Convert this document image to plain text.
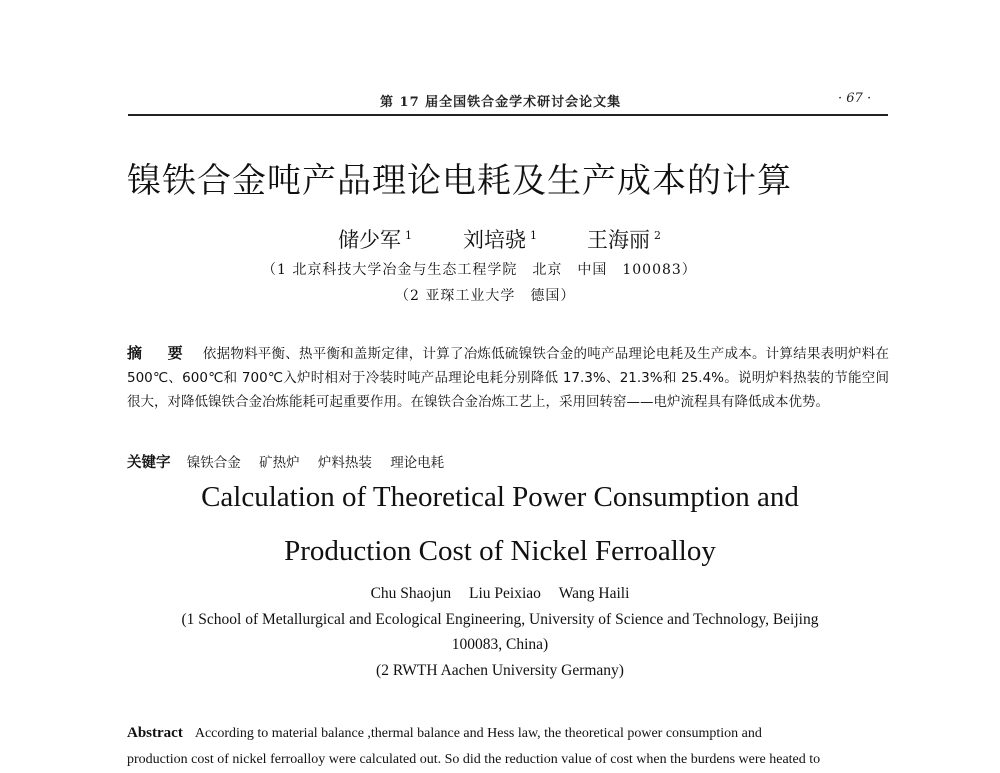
第 17 届全国铁合金学术研讨会论文集	· 67 ·
镍铁合金吨产品理论电耗及生产成本的计算
储少军 $^1$ 刘培骁 $^1$ 王海丽 $^2$
（1 北京科技大学冶金与生态工程学院　北京　中国　100083）
（2 亚琛工业大学　德国）
摘 要 依据物料平衡、热平衡和盖斯定律，计算了冶炼低硫镍铁合金的吨产品理论电耗及生产成本。计算结果表明炉料在 500℃、600℃和 700℃入炉时相对于冷装时吨产品理论电耗分别降低 17.3%、21.3%和 25.4%。说明炉料热装的节能空间很大，对降低镍铁合金冶炼能耗可起重要作用。在镍铁合金冶炼工艺上，采用回转窑——电炉流程具有降低成本优势。
关键字 镍铁合金 矿热炉 炉料热装 理论电耗
Calculation of Theoretical Power Consumption and
Production Cost of Nickel Ferroalloy
Chu Shaojun Liu Peixiao Wang Haili
(1 School of Metallurgical and Ecological Engineering, University of Science and Technology, Beijing
100083, China)
(2 RWTH Aachen University Germany)
Abstract According to material balance ,thermal balance and Hess law, the theoretical power consumption and
production cost of nickel ferroalloy were calculated out. So did the reduction value of cost when the burdens were heated to
